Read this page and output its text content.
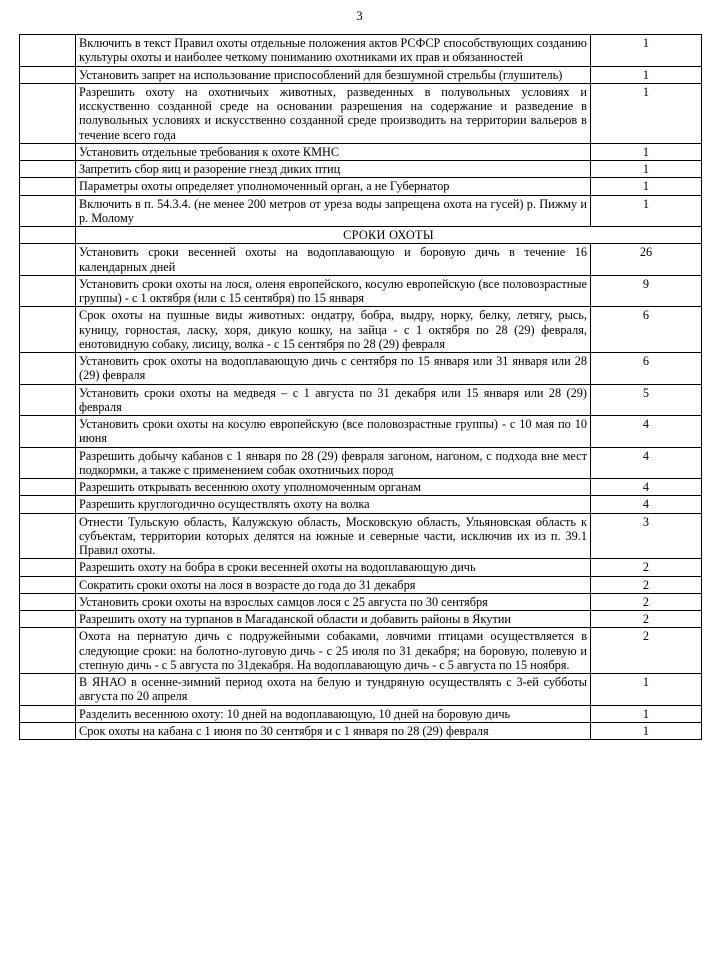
3
	Включить в текст Правил охоты отдельные положения актов РСФСР способствующих созданию культуры охоты и наиболее четкому пониманию охотниками их прав и обязанностей	1
	Установить запрет на использование приспособлений для безшумной стрельбы (глушитель)	1
	Разрешить охоту на охотничьих животных, разведенных в полувольных условиях и исскуственно созданной среде на основании разрешения на содержание и разведение в полувольных условиях и искусственно созданной среде производить на территории вальеров в течение всего года	1
	Установить отдельные требования к охоте КМНС	1
	Запретить сбор яиц и разорение гнезд диких птиц	1
	Параметры охоты определяет уполномоченный орган, а не Губернатор	1
	Включить в п. 54.3.4. (не менее 200 метров от уреза воды запрещена охота на гусей) р. Пижму и р. Молому	1
	СРОКИ ОХОТЫ	
	Установить сроки весенней охоты на водоплавающую и боровую дичь в течение 16 календарных дней	26
	Установить сроки охоты на лося, оленя европейского, косулю европейскую (все половозрастные группы) - с 1 октября (или с 15 сентября) по 15 января	9
	Срок охоты на пушные виды животных: ондатру, бобра, выдру, норку, белку, летягу, рысь, куницу, горностая, ласку, хоря, дикую кошку, на зайца - с 1 октября по 28 (29) февраля, енотовидную собаку, лисицу, волка - с 15 сентября по 28 (29) февраля	6
	Установить срок охоты на водоплавающую дичь с сентября по 15 января или 31 января или 28 (29) февраля	6
	Установить сроки охоты на медведя – с 1 августа по 31 декабря или 15 января или 28 (29) февраля	5
	Установить сроки охоты на косулю европейскую (все половозрастные группы) - с 10 мая по 10 июня	4
	Разрешить добычу кабанов с 1 января по 28 (29) февраля загоном, нагоном, с подхода вне мест подкормки, а также с применением собак охотничьих пород	4
	Разрешить открывать весеннюю охоту уполномоченным органам	4
	Разрешить круглогодично осуществлять охоту на волка	4
	Отнести Тульскую область, Калужскую область, Московскую область, Ульяновская область к субъектам, территории которых делятся на южные и северные части, исключив их из п. 39.1 Правил охоты.	3
	Разрешить охоту на бобра в сроки весенней охоты на водоплавающую дичь	2
	Сократить сроки охоты на лося в возрасте до года до 31 декабря	2
	Установить сроки охоты на взрослых самцов лося с 25 августа по 30 сентября	2
	Разрешить охоту на турпанов в Магаданской области и добавить районы в Якутии	2
	Охота на пернатую дичь с подружейными собаками, ловчими птицами осуществляется в следующие сроки: на болотно-луговую дичь - с 25 июля по 31 декабря; на боровую, полевую и степную дичь - с 5 августа по 31декабря. На водоплавающую дичь - с 5 августа по 15 ноября.	2
	В ЯНАО в осенне-зимний период охота на белую и тундряную осуществлять с 3-ей субботы августа по 20 апреля	1
	Разделить весеннюю охоту: 10 дней на водоплавающую, 10 дней на боровую дичь	1
	Срок охоты на кабана с 1 июня по 30 сентября и с 1 января по 28 (29) февраля	1
